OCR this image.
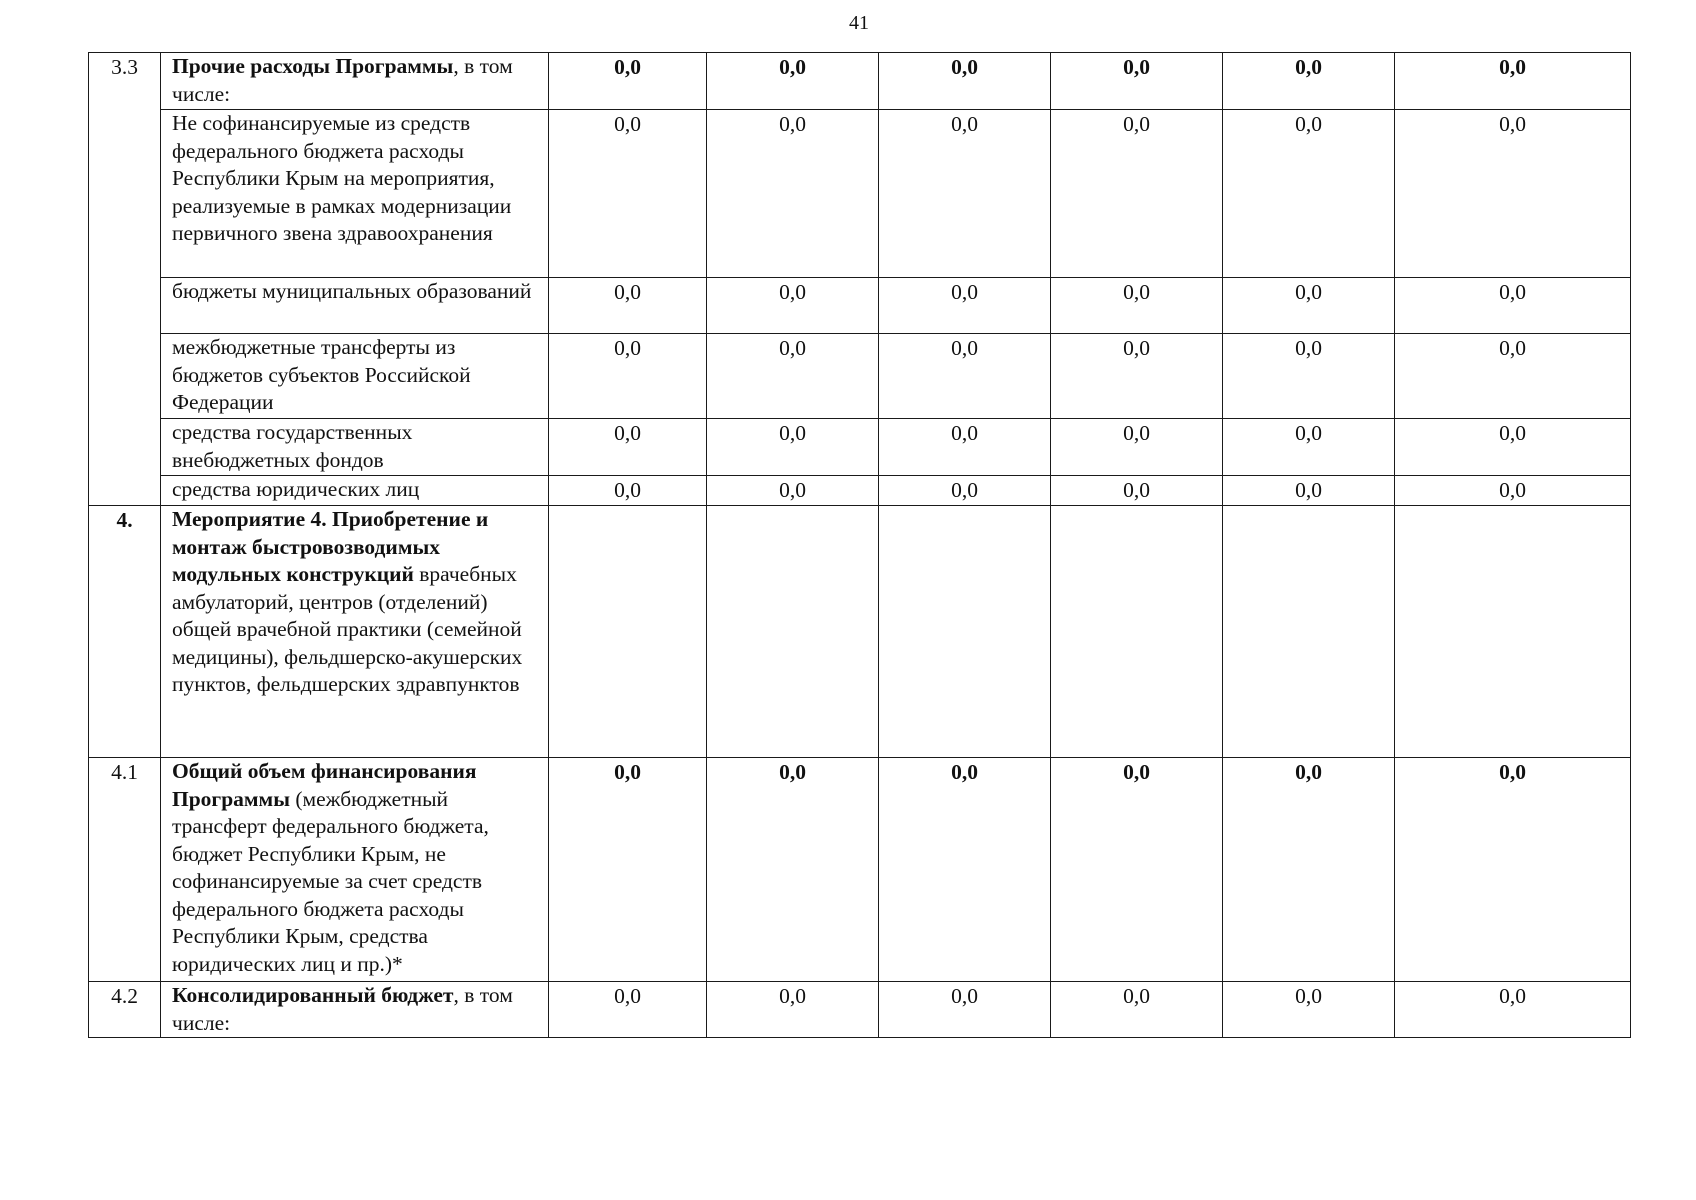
41
3.3	Прочие расходы Программы, в том числе:	0,0	0,0	0,0	0,0	0,0	0,0
	Не софинансируемые из средств федерального бюджета расходы Республики Крым на мероприятия, реализуемые в рамках модернизации первичного звена здравоохранения	0,0	0,0	0,0	0,0	0,0	0,0
	бюджеты муниципальных образований	0,0	0,0	0,0	0,0	0,0	0,0
	межбюджетные трансферты из бюджетов субъектов Российской Федерации	0,0	0,0	0,0	0,0	0,0	0,0
	средства государственных внебюджетных фондов	0,0	0,0	0,0	0,0	0,0	0,0
	средства юридических лиц	0,0	0,0	0,0	0,0	0,0	0,0
4.	Мероприятие 4. Приобретение и монтаж быстровозводимых модульных конструкций врачебных амбулаторий, центров (отделений) общей врачебной практики (семейной медицины), фельдшерско-акушерских пунктов, фельдшерских здравпунктов						
4.1	Общий объем финансирования Программы (межбюджетный трансферт федерального бюджета, бюджет Республики Крым, не софинансируемые за счет средств федерального бюджета расходы Республики Крым, средства юридических лиц и пр.)*	0,0	0,0	0,0	0,0	0,0	0,0
4.2	Консолидированный бюджет, в том числе:	0,0	0,0	0,0	0,0	0,0	0,0
